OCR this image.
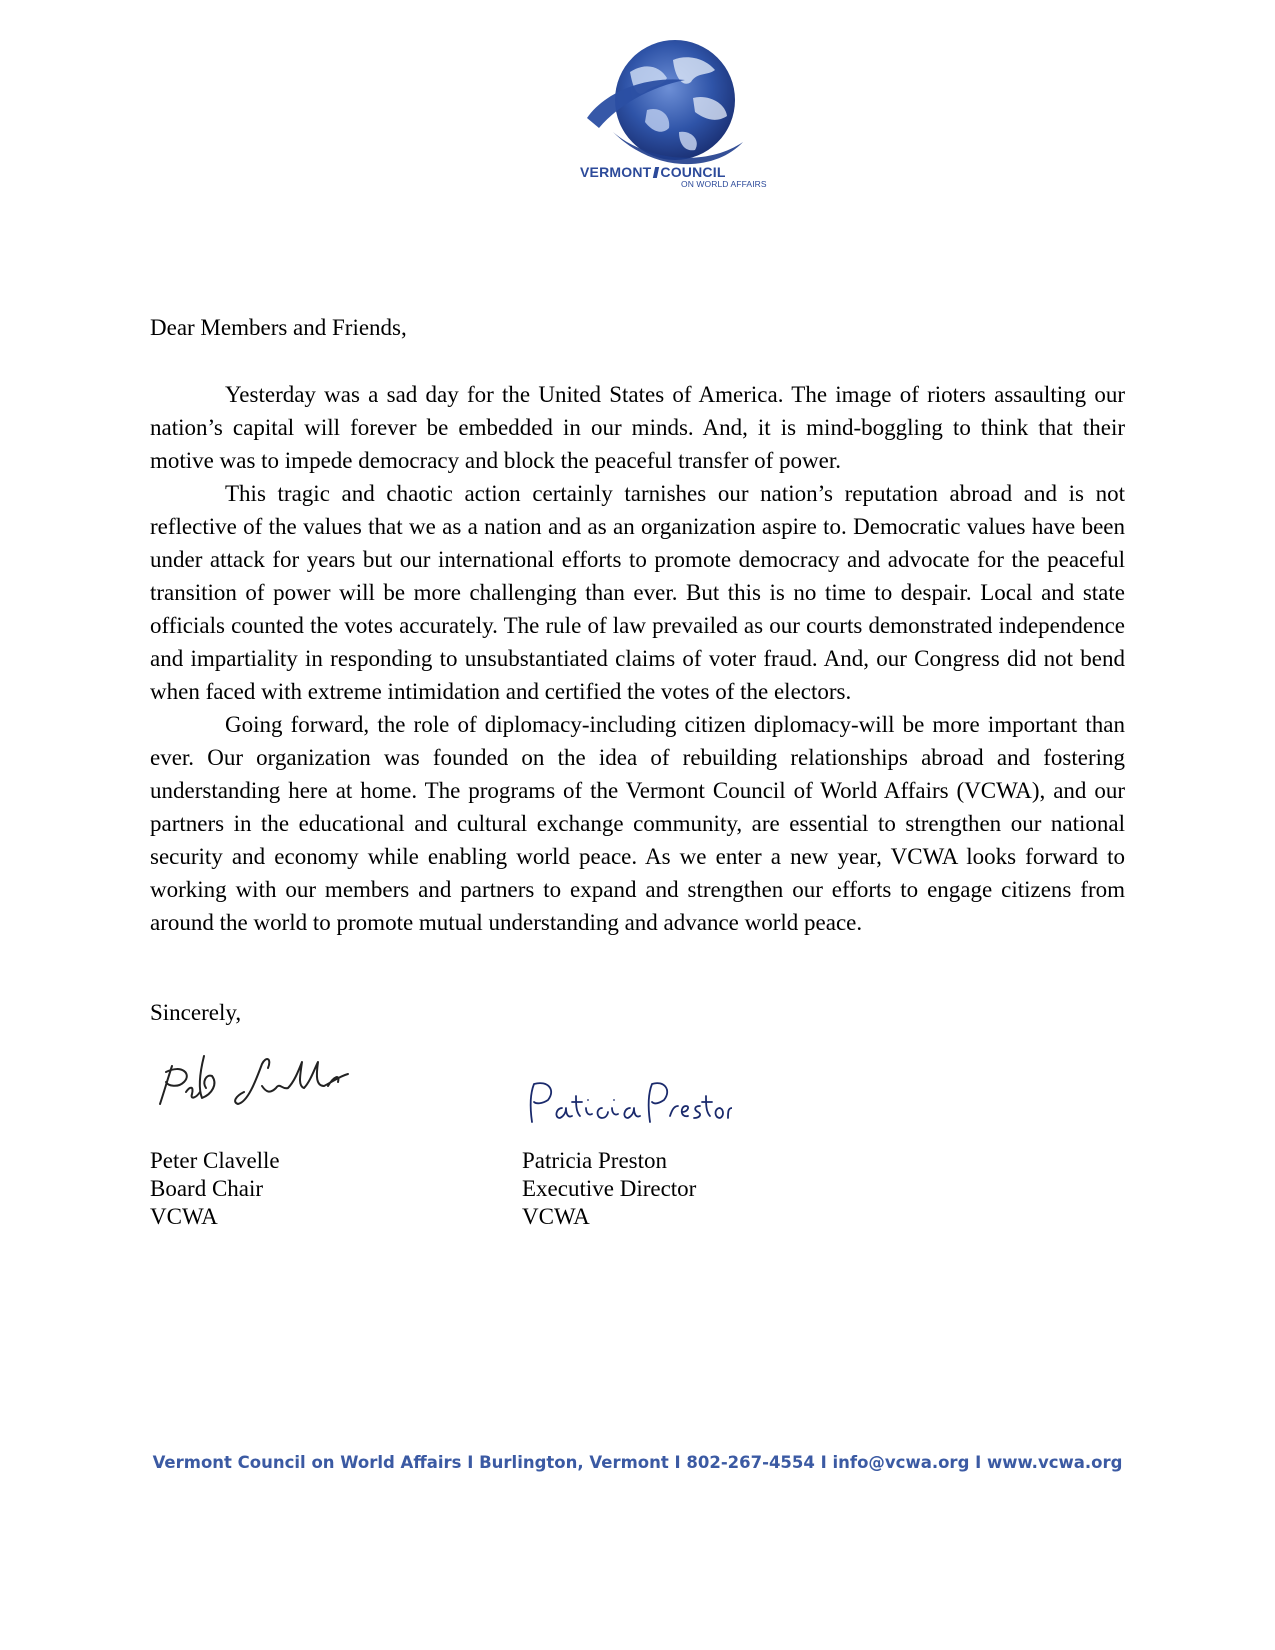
VERMONT COUNCIL
ON WORLD AFFAIRS
Dear Members and Friends,

Yesterday was a sad day for the United States of America. The image of rioters assaulting our nation’s capital will forever be embedded in our minds. And, it is mind-boggling to think that their motive was to impede democracy and block the peaceful transfer of power.

This tragic and chaotic action certainly tarnishes our nation’s reputation abroad and is not reflective of the values that we as a nation and as an organization aspire to. Democratic values have been under attack for years but our international efforts to promote democracy and advocate for the peaceful transition of power will be more challenging than ever. But this is no time to despair. Local and state officials counted the votes accurately. The rule of law prevailed as our courts demonstrated independence and impartiality in responding to unsubstantiated claims of voter fraud. And, our Congress did not bend when faced with extreme intimidation and certified the votes of the electors.

Going forward, the role of diplomacy-including citizen diplomacy-will be more important than ever. Our organization was founded on the idea of rebuilding relationships abroad and fostering understanding here at home. The programs of the Vermont Council of World Affairs (VCWA), and our partners in the educational and cultural exchange community, are essential to strengthen our national security and economy while enabling world peace. As we enter a new year, VCWA looks forward to working with our members and partners to expand and strengthen our efforts to engage citizens from around the world to promote mutual understanding and advance world peace.

Sincerely,
Peter Clavelle
Board Chair
VCWA
Patricia Preston
Executive Director
VCWA
Vermont Council on World Affairs I Burlington, Vermont I 802-267-4554 I info@vcwa.org I www.vcwa.org
